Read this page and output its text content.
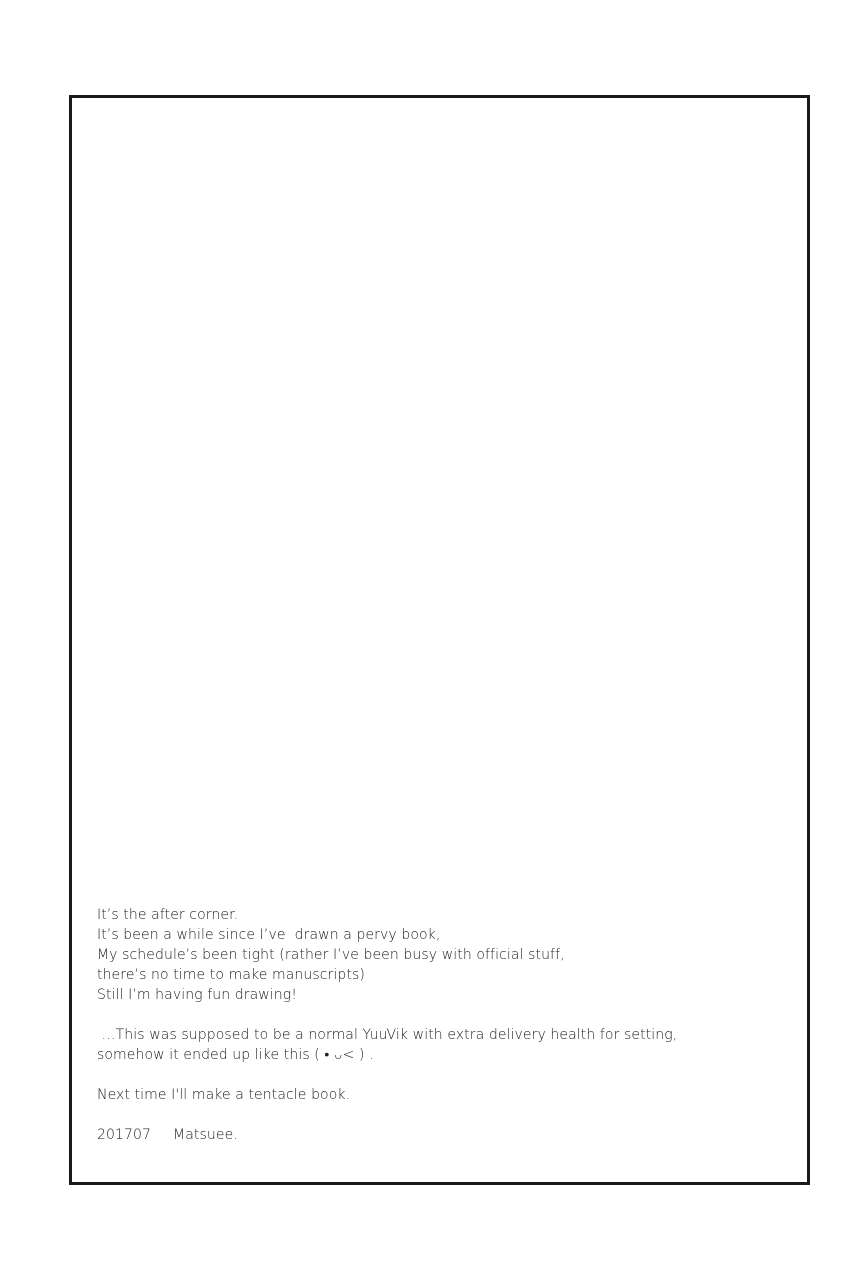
It’s the after corner.
It’s been a while since I’ve  drawn a pervy book,
My schedule’s been tight (rather I’ve been busy with official stuff,
there’s no time to make manuscripts)
Still I’m having fun drawing!
…This was supposed to be a normal YuuVik with extra delivery health for setting,
somehow it ended up like this ( • ᴗ< ) .
Next time I'll make a tentacle book.
201707 Matsuee.
